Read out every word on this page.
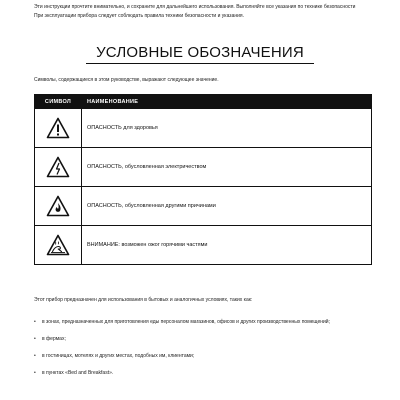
Эти инструкции прочтите внимательно, и сохраните для дальнейшего использования. Выполняйте все указания по технике безопасности

При эксплуатации прибора следует соблюдать правила техники безопасности и указания.

УСЛОВНЫЕ ОБОЗНАЧЕНИЯ

Символы, содержащиеся в этом руководстве, выражают следующее значение.

СИМВОЛ	НАИМЕНОВАНИЕ

	ОПАСНОСТЬ для здоровья

	ОПАСНОСТЬ, обусловленная электричеством

	ОПАСНОСТЬ, обусловленная другими причинами

	ВНИМАНИЕ: возможен ожог горячими частями

Этот прибор предназначен для использования в бытовых и аналогичных условиях, таких как:

• в зонах, предназначенных для приготовления еды персоналом магазинов, офисов и других производственных помещений;
• в фермах;
• в гостиницах, мотелях и других местах, подобных им, клиентами;
• в пунктах «Bed and Breakfast».
